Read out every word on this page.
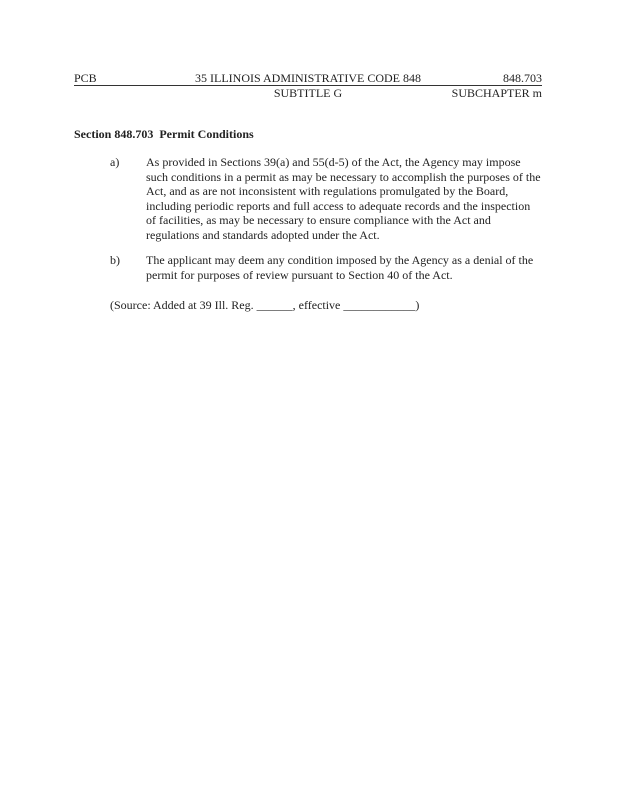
PCB	35 ILLINOIS ADMINISTRATIVE CODE 848	848.703
SUBTITLE G	SUBCHAPTER m
Section 848.703 Permit Conditions
a) As provided in Sections 39(a) and 55(d-5) of the Act, the Agency may impose such conditions in a permit as may be necessary to accomplish the purposes of the Act, and as are not inconsistent with regulations promulgated by the Board, including periodic reports and full access to adequate records and the inspection of facilities, as may be necessary to ensure compliance with the Act and regulations and standards adopted under the Act.
b) The applicant may deem any condition imposed by the Agency as a denial of the permit for purposes of review pursuant to Section 40 of the Act.
(Source: Added at 39 Ill. Reg. ______, effective ____________)
